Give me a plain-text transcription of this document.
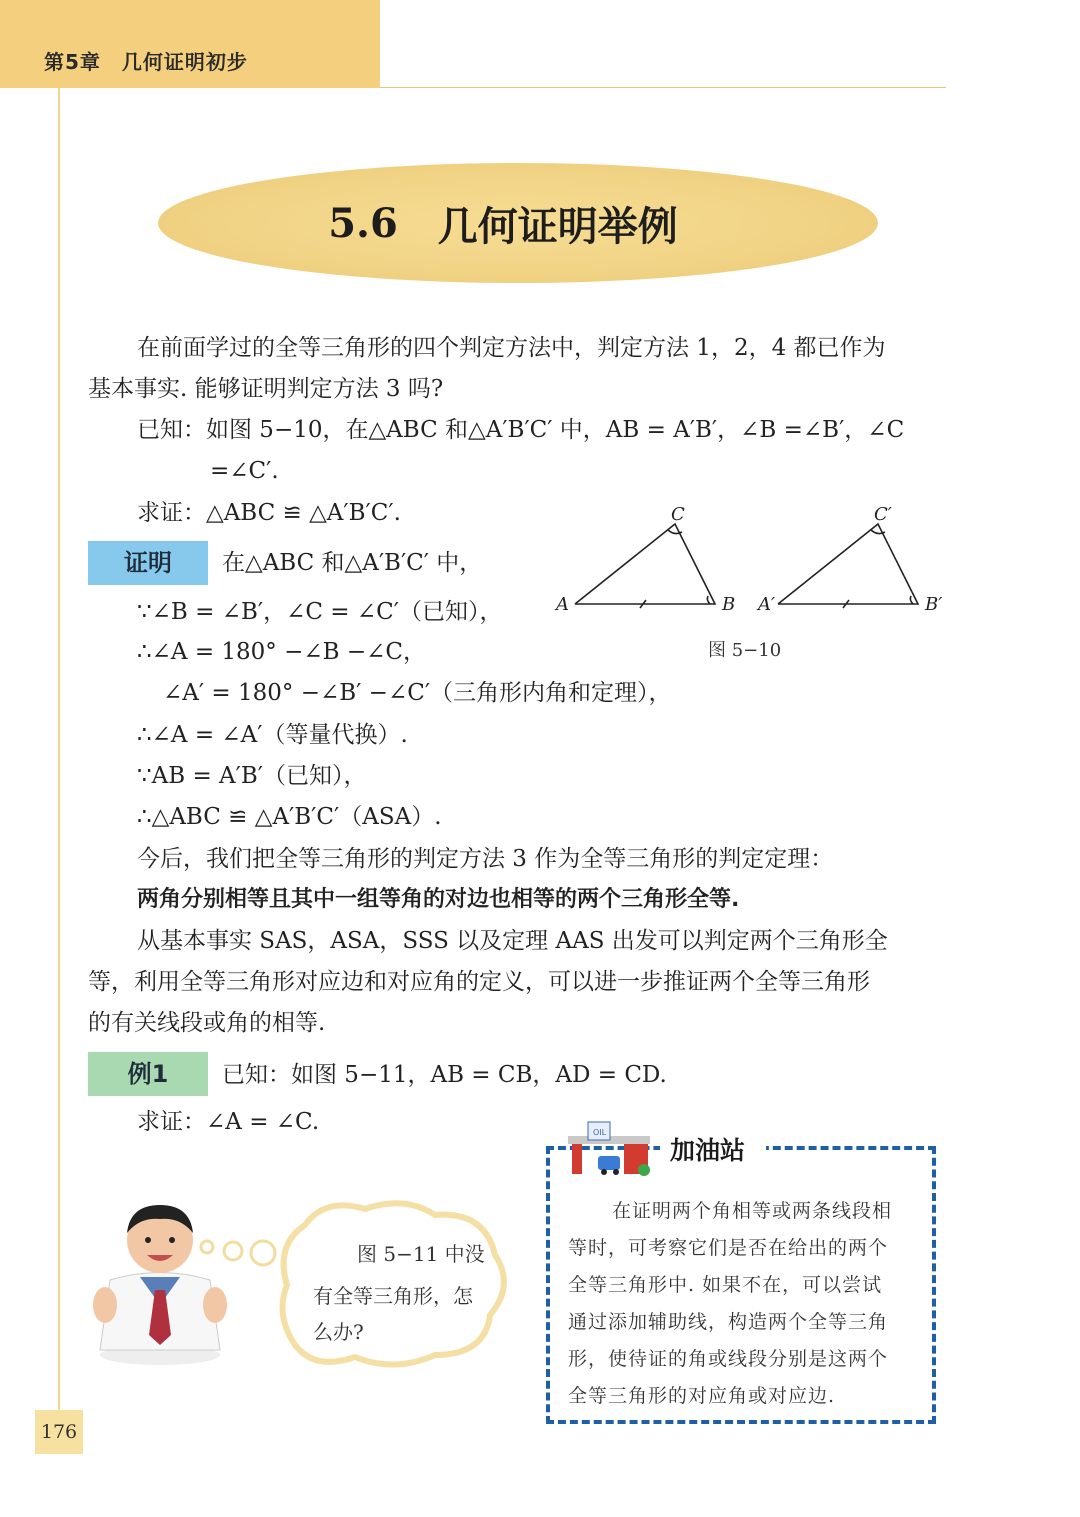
第5章　几何证明初步
5.6 几何证明举例
在前面学过的全等三角形的四个判定方法中，判定方法 1，2，4 都已作为
基本事实. 能够证明判定方法 3 吗?
已知：如图 5−10，在△ABC 和△A′B′C′ 中，AB = A′B′，∠B =∠B′，∠C
=∠C′.
求证：△ABC ≌ △A′B′C′.
证明	在△ABC 和△A′B′C′ 中，
∵∠B = ∠B′，∠C = ∠C′（已知），
∴∠A = 180° −∠B −∠C，
∠A′ = 180° −∠B′ −∠C′（三角形内角和定理），
∴∠A = ∠A′（等量代换）.
∵AB = A′B′（已知），
∴△ABC ≌ △A′B′C′（ASA）.
C
A	B
C′
A′	B′
图 5−10
今后，我们把全等三角形的判定方法 3 作为全等三角形的判定定理：
两角分别相等且其中一组等角的对边也相等的两个三角形全等.
从基本事实 SAS，ASA，SSS 以及定理 AAS 出发可以判定两个三角形全
等，利用全等三角形对应边和对应角的定义，可以进一步推证两个全等三角形
的有关线段或角的相等.
例1	已知：如图 5−11，AB = CB，AD = CD.
求证：∠A = ∠C.
图 5−11 中没
有全等三角形，怎
么办?
OIL
加油站
在证明两个角相等或两条线段相
等时，可考察它们是否在给出的两个
全等三角形中. 如果不在，可以尝试
通过添加辅助线，构造两个全等三角
形，使待证的角或线段分别是这两个
全等三角形的对应角或对应边.
176
